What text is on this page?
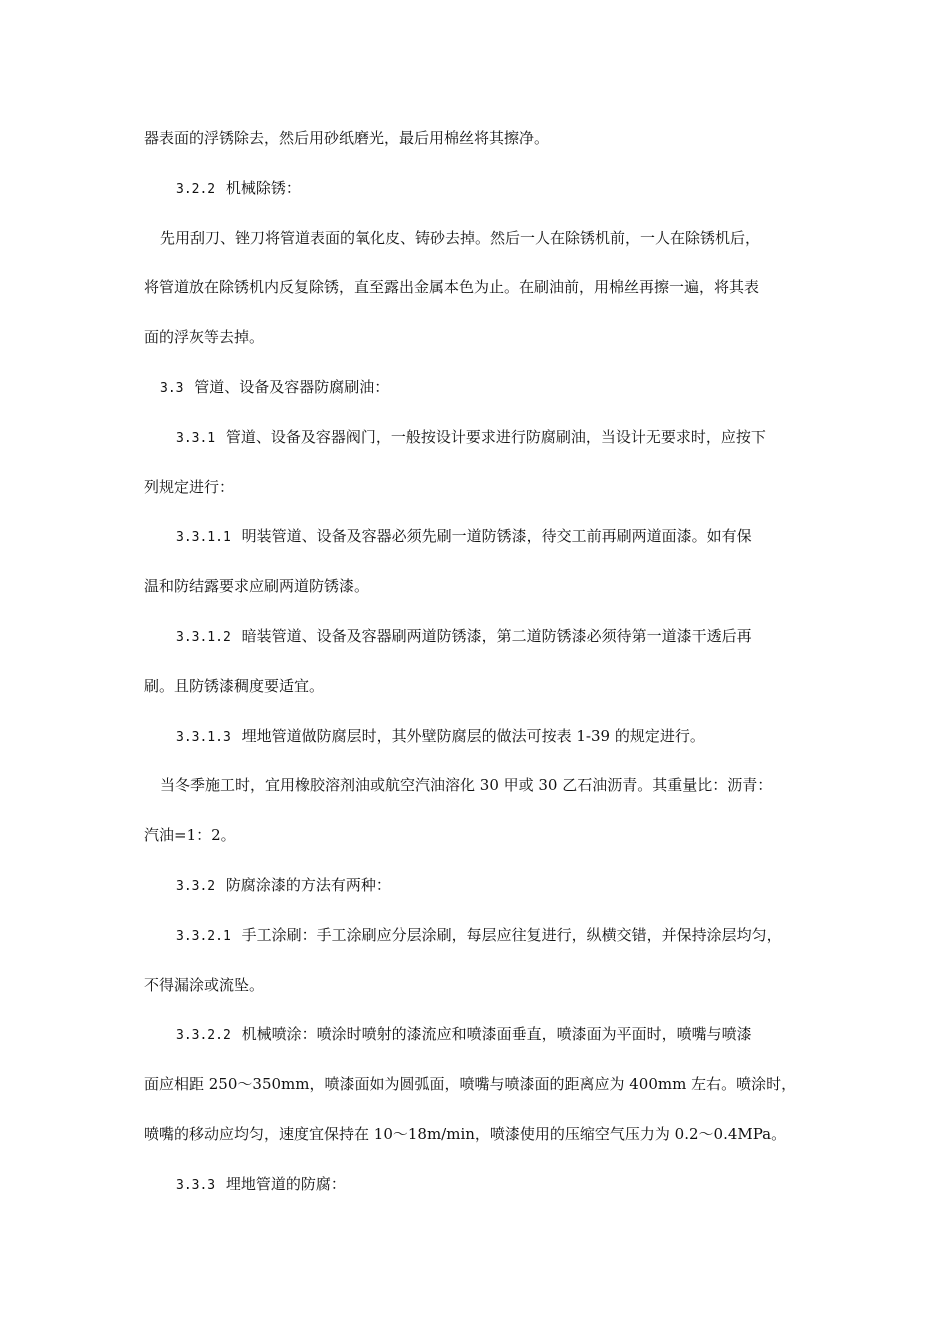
器表面的浮锈除去，然后用砂纸磨光，最后用棉丝将其擦净。
3.2.2 机械除锈：
先用刮刀、锉刀将管道表面的氧化皮、铸砂去掉。然后一人在除锈机前，一人在除锈机后，
将管道放在除锈机内反复除锈，直至露出金属本色为止。在刷油前，用棉丝再擦一遍，将其表
面的浮灰等去掉。
3.3 管道、设备及容器防腐刷油：
3.3.1 管道、设备及容器阀门，一般按设计要求进行防腐刷油，当设计无要求时，应按下
列规定进行：
3.3.1.1 明装管道、设备及容器必须先刷一道防锈漆，待交工前再刷两道面漆。如有保
温和防结露要求应刷两道防锈漆。
3.3.1.2 暗装管道、设备及容器刷两道防锈漆，第二道防锈漆必须待第一道漆干透后再
刷。且防锈漆稠度要适宜。
3.3.1.3 埋地管道做防腐层时，其外壁防腐层的做法可按表 1-39 的规定进行。
当冬季施工时，宜用橡胶溶剂油或航空汽油溶化 30 甲或 30 乙石油沥青。其重量比：沥青：
汽油=1：2。
3.3.2 防腐涂漆的方法有两种：
3.3.2.1 手工涂刷：手工涂刷应分层涂刷，每层应往复进行，纵横交错，并保持涂层均匀，
不得漏涂或流坠。
3.3.2.2 机械喷涂：喷涂时喷射的漆流应和喷漆面垂直，喷漆面为平面时，喷嘴与喷漆
面应相距 250～350mm，喷漆面如为圆弧面，喷嘴与喷漆面的距离应为 400mm 左右。喷涂时，
喷嘴的移动应均匀，速度宜保持在 10～18m/min，喷漆使用的压缩空气压力为 0.2～0.4MPa。
3.3.3 埋地管道的防腐：
